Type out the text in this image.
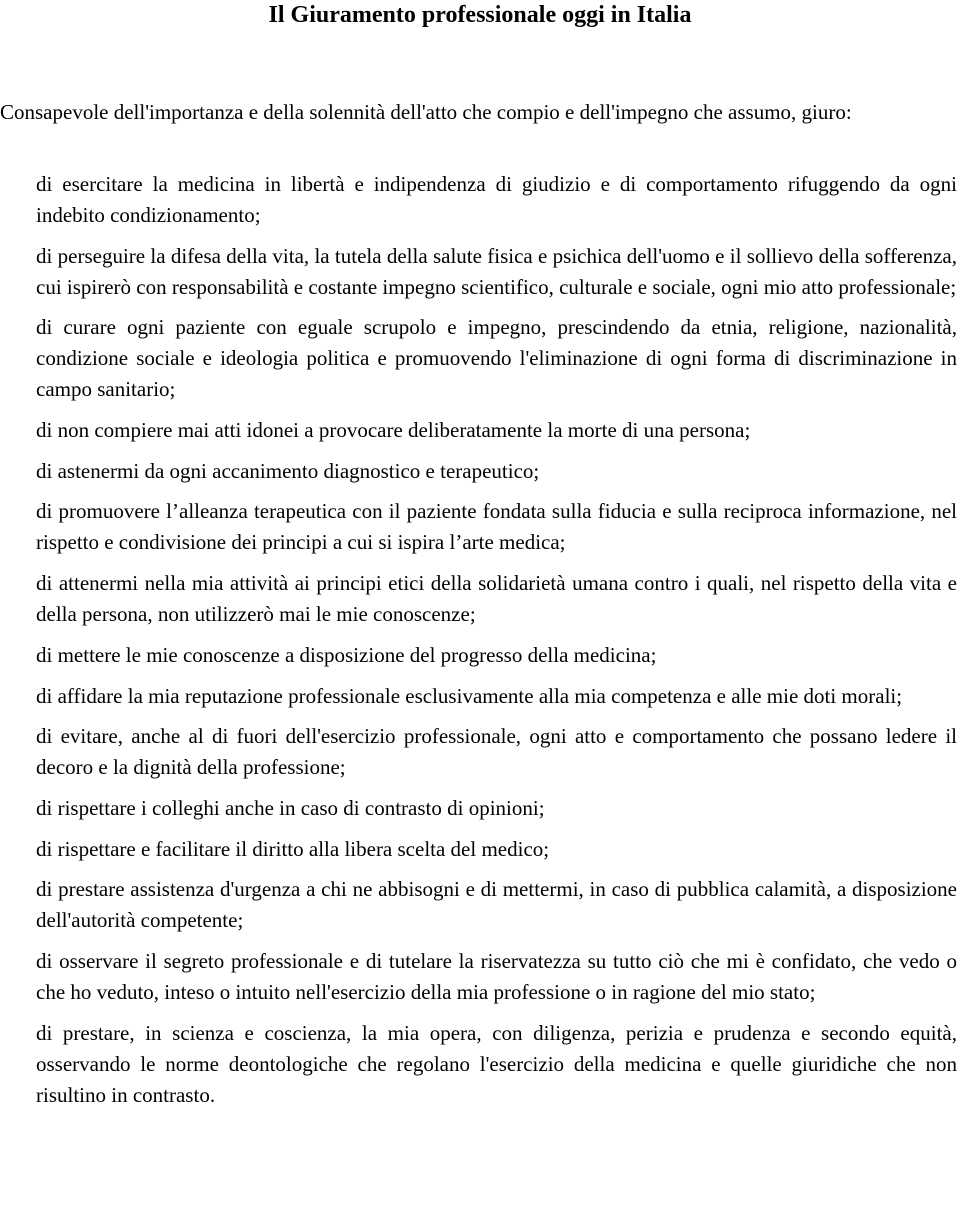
Il Giuramento professionale oggi in Italia

Consapevole dell'importanza e della solennità dell'atto che compio e dell'impegno che assumo, giuro:

di esercitare la medicina in libertà e indipendenza di giudizio e di comportamento rifuggendo da ogni indebito condizionamento;
di perseguire la difesa della vita, la tutela della salute fisica e psichica dell'uomo e il sollievo della sofferenza, cui ispirerò con responsabilità e costante impegno scientifico, culturale e sociale, ogni mio atto professionale;
di curare ogni paziente con eguale scrupolo e impegno, prescindendo da etnia, religione, nazionalità, condizione sociale e ideologia politica e promuovendo l'eliminazione di ogni forma di discriminazione in campo sanitario;
di non compiere mai atti idonei a provocare deliberatamente la morte di una persona;
di astenermi da ogni accanimento diagnostico e terapeutico;
di promuovere l’alleanza terapeutica con il paziente fondata sulla fiducia e sulla reciproca informazione, nel rispetto e condivisione dei principi a cui si ispira l’arte medica;
di attenermi nella mia attività ai principi etici della solidarietà umana contro i quali, nel rispetto della vita e della persona, non utilizzerò mai le mie conoscenze;
di mettere le mie conoscenze a disposizione del progresso della medicina;
di affidare la mia reputazione professionale esclusivamente alla mia competenza e alle mie doti morali;
di evitare, anche al di fuori dell'esercizio professionale, ogni atto e comportamento che possano ledere il decoro e la dignità della professione;
di rispettare i colleghi anche in caso di contrasto di opinioni;
di rispettare e facilitare il diritto alla libera scelta del medico;
di prestare assistenza d'urgenza a chi ne abbisogni e di mettermi, in caso di pubblica calamità, a disposizione dell'autorità competente;
di osservare il segreto professionale e di tutelare la riservatezza su tutto ciò che mi è confidato, che vedo o che ho veduto, inteso o intuito nell'esercizio della mia professione o in ragione del mio stato;
di prestare, in scienza e coscienza, la mia opera, con diligenza, perizia e prudenza e secondo equità, osservando le norme deontologiche che regolano l'esercizio della medicina e quelle giuridiche che non risultino in contrasto.
